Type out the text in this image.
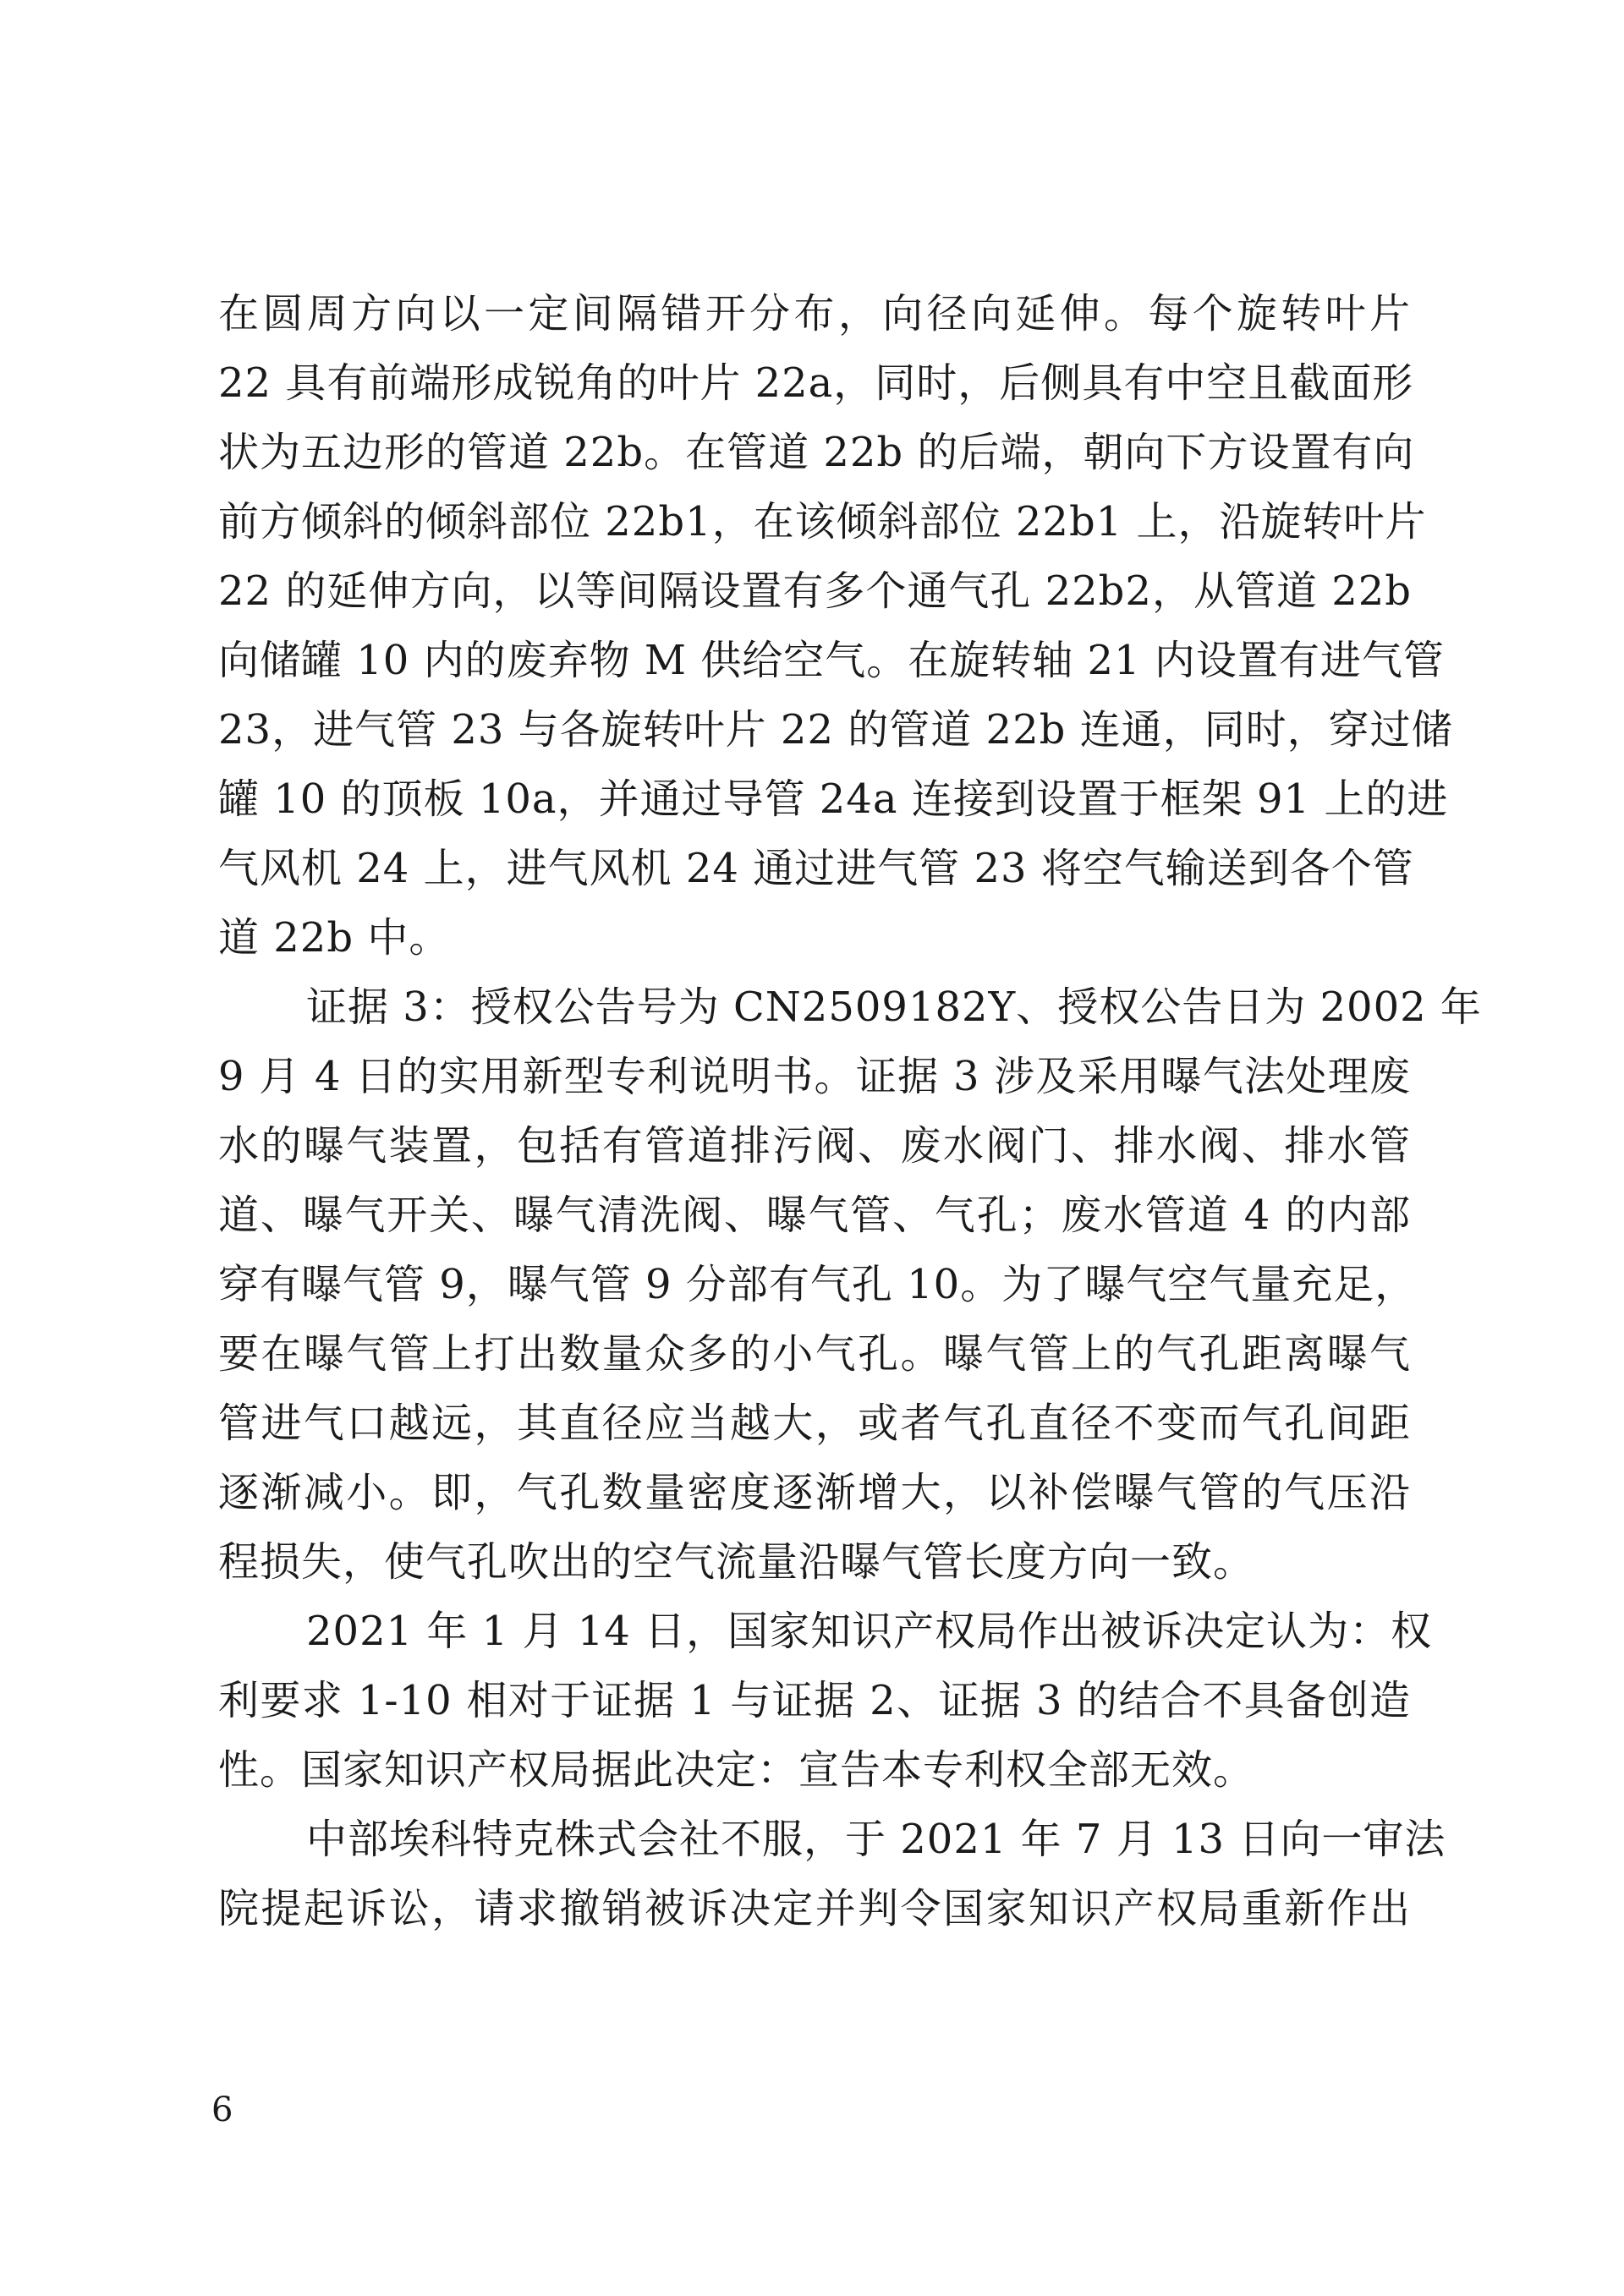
在圆周方向以一定间隔错开分布，向径向延伸。每个旋转叶片
22 具有前端形成锐角的叶片 22a，同时，后侧具有中空且截面形
状为五边形的管道 22b。在管道 22b 的后端，朝向下方设置有向
前方倾斜的倾斜部位 22b1，在该倾斜部位 22b1 上，沿旋转叶片
22 的延伸方向，以等间隔设置有多个通气孔 22b2，从管道 22b
向储罐 10 内的废弃物 M 供给空气。在旋转轴 21 内设置有进气管
23，进气管 23 与各旋转叶片 22 的管道 22b 连通，同时，穿过储
罐 10 的顶板 10a，并通过导管 24a 连接到设置于框架 91 上的进
气风机 24 上，进气风机 24 通过进气管 23 将空气输送到各个管
道 22b 中。
证据 3：授权公告号为 CN2509182Y、授权公告日为 2002 年
9 月 4 日的实用新型专利说明书。证据 3 涉及采用曝气法处理废
水的曝气装置，包括有管道排污阀、废水阀门、排水阀、排水管
道、曝气开关、曝气清洗阀、曝气管、气孔；废水管道 4 的内部
穿有曝气管 9，曝气管 9 分部有气孔 10。为了曝气空气量充足，
要在曝气管上打出数量众多的小气孔。曝气管上的气孔距离曝气
管进气口越远，其直径应当越大，或者气孔直径不变而气孔间距
逐渐减小。即，气孔数量密度逐渐增大，以补偿曝气管的气压沿
程损失，使气孔吹出的空气流量沿曝气管长度方向一致。
2021 年 1 月 14 日，国家知识产权局作出被诉决定认为：权
利要求 1-10 相对于证据 1 与证据 2、证据 3 的结合不具备创造
性。国家知识产权局据此决定：宣告本专利权全部无效。
中部埃科特克株式会社不服，于 2021 年 7 月 13 日向一审法
院提起诉讼，请求撤销被诉决定并判令国家知识产权局重新作出
6
